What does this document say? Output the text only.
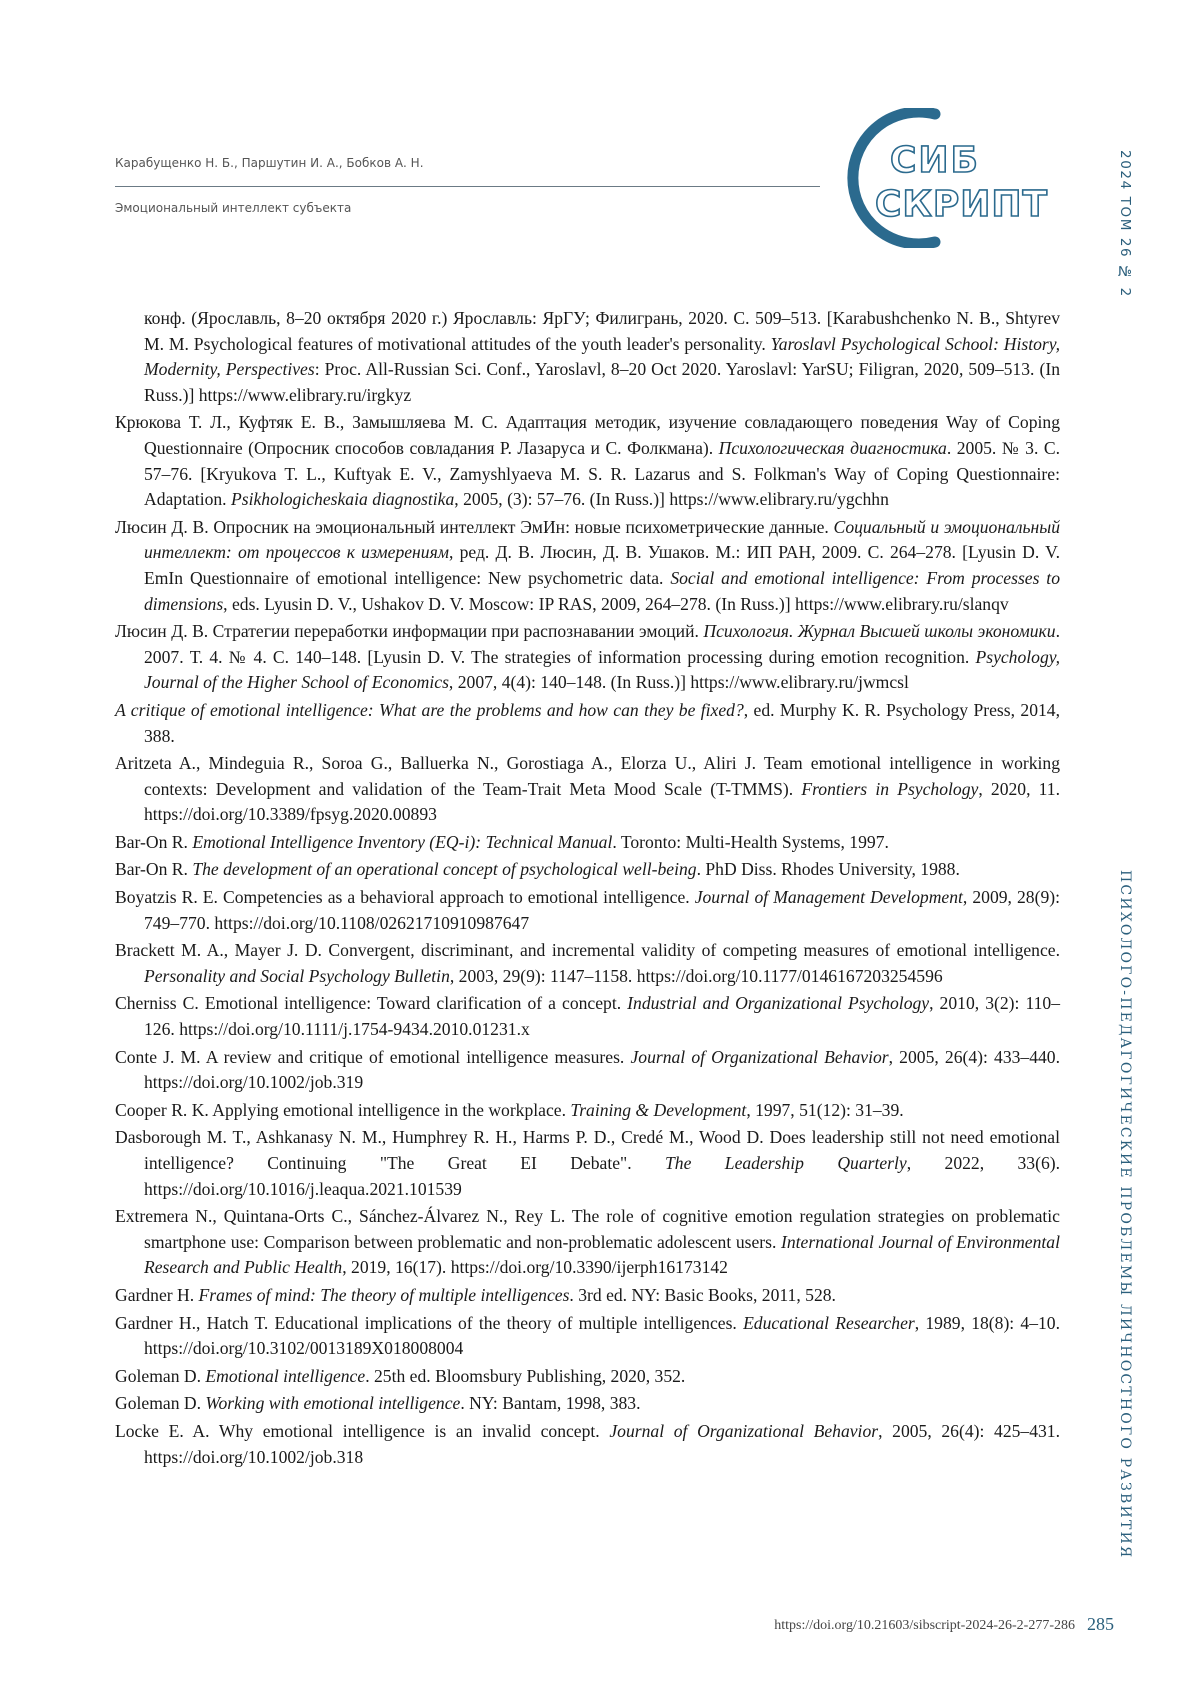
Карабущенко Н. Б., Паршутин И. А., Бобков А. Н.
Эмоциональный интеллект субъекта
СИБ
СКРИПТ	2024 ТОМ 26 № 2
ПСИХОЛОГО-ПЕДАГОГИЧЕСКИЕ ПРОБЛЕМЫ ЛИЧНОСТНОГО РАЗВИТИЯ

конф. (Ярославль, 8–20 октября 2020 г.) Ярославль: ЯрГУ; Филигрань, 2020. С. 509–513. [Karabushchenko N. B., Shtyrev M. M. Psychological features of motivational attitudes of the youth leader's personality. Yaroslavl Psychological School: History, Modernity, Perspectives: Proc. All-Russian Sci. Conf., Yaroslavl, 8–20 Oct 2020. Yaroslavl: YarSU; Filigran, 2020, 509–513. (In Russ.)] https://www.elibrary.ru/irgkyz

Крюкова Т. Л., Куфтяк Е. В., Замышляева М. С. Адаптация методик, изучение совладающего поведения Way of Coping Questionnaire (Опросник способов совладания Р. Лазаруса и С. Фолкмана). Психологическая диагностика. 2005. № 3. С. 57–76. [Kryukova T. L., Kuftyak E. V., Zamyshlyaeva M. S. R. Lazarus and S. Folkman's Way of Coping Questionnaire: Adaptation. Psikhologicheskaia diagnostika, 2005, (3): 57–76. (In Russ.)] https://www.elibrary.ru/ygchhn

Люсин Д. В. Опросник на эмоциональный интеллект ЭмИн: новые психометрические данные. Социальный и эмоциональный интеллект: от процессов к измерениям, ред. Д. В. Люсин, Д. В. Ушаков. М.: ИП РАН, 2009. С. 264–278. [Lyusin D. V. EmIn Questionnaire of emotional intelligence: New psychometric data. Social and emotional intelligence: From processes to dimensions, eds. Lyusin D. V., Ushakov D. V. Moscow: IP RAS, 2009, 264–278. (In Russ.)] https://www.elibrary.ru/slanqv

Люсин Д. В. Стратегии переработки информации при распознавании эмоций. Психология. Журнал Высшей школы экономики. 2007. Т. 4. № 4. С. 140–148. [Lyusin D. V. The strategies of information processing during emotion recognition. Psychology, Journal of the Higher School of Economics, 2007, 4(4): 140–148. (In Russ.)] https://www.elibrary.ru/jwmcsl

A critique of emotional intelligence: What are the problems and how can they be fixed?, ed. Murphy K. R. Psychology Press, 2014, 388.

Aritzeta A., Mindeguia R., Soroa G., Balluerka N., Gorostiaga A., Elorza U., Aliri J. Team emotional intelligence in working contexts: Development and validation of the Team-Trait Meta Mood Scale (T-TMMS). Frontiers in Psychology, 2020, 11. https://doi.org/10.3389/fpsyg.2020.00893

Bar-On R. Emotional Intelligence Inventory (EQ-i): Technical Manual. Toronto: Multi-Health Systems, 1997.

Bar-On R. The development of an operational concept of psychological well-being. PhD Diss. Rhodes University, 1988.

Boyatzis R. E. Competencies as a behavioral approach to emotional intelligence. Journal of Management Development, 2009, 28(9): 749–770. https://doi.org/10.1108/02621710910987647

Brackett M. A., Mayer J. D. Convergent, discriminant, and incremental validity of competing measures of emotional intelligence. Personality and Social Psychology Bulletin, 2003, 29(9): 1147–1158. https://doi.org/10.1177/0146167203254596

Cherniss C. Emotional intelligence: Toward clarification of a concept. Industrial and Organizational Psychology, 2010, 3(2): 110–126. https://doi.org/10.1111/j.1754-9434.2010.01231.x

Conte J. M. A review and critique of emotional intelligence measures. Journal of Organizational Behavior, 2005, 26(4): 433–440. https://doi.org/10.1002/job.319

Cooper R. K. Applying emotional intelligence in the workplace. Training & Development, 1997, 51(12): 31–39.

Dasborough M. T., Ashkanasy N. M., Humphrey R. H., Harms P. D., Credé M., Wood D. Does leadership still not need emotional intelligence? Continuing "The Great EI Debate". The Leadership Quarterly, 2022, 33(6). https://doi.org/10.1016/j.leaqua.2021.101539

Extremera N., Quintana-Orts C., Sánchez-Álvarez N., Rey L. The role of cognitive emotion regulation strategies on problematic smartphone use: Comparison between problematic and non-problematic adolescent users. International Journal of Environmental Research and Public Health, 2019, 16(17). https://doi.org/10.3390/ijerph16173142

Gardner H. Frames of mind: The theory of multiple intelligences. 3rd ed. NY: Basic Books, 2011, 528.

Gardner H., Hatch T. Educational implications of the theory of multiple intelligences. Educational Researcher, 1989, 18(8): 4–10. https://doi.org/10.3102/0013189X018008004

Goleman D. Emotional intelligence. 25th ed. Bloomsbury Publishing, 2020, 352.

Goleman D. Working with emotional intelligence. NY: Bantam, 1998, 383.

Locke E. A. Why emotional intelligence is an invalid concept. Journal of Organizational Behavior, 2005, 26(4): 425–431. https://doi.org/10.1002/job.318

https://doi.org/10.21603/sibscript-2024-26-2-277-286 285
